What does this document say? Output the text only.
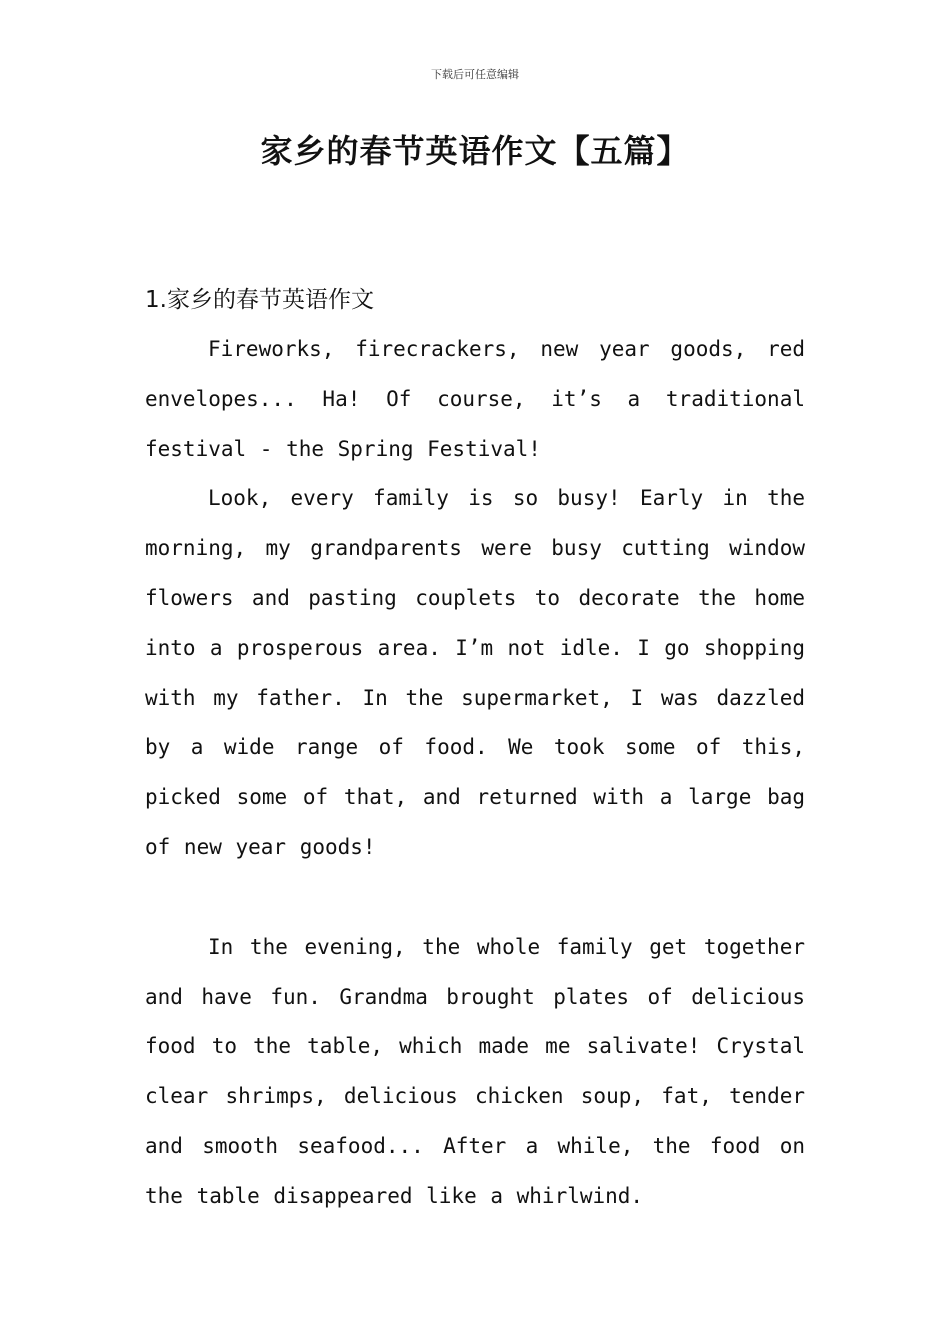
下载后可任意编辑
家乡的春节英语作文【五篇】
1.家乡的春节英语作文

Fireworks, firecrackers, new year goods, red envelopes... Ha! Of course, it’s a traditional festival - the Spring Festival!

Look, every family is so busy! Early in the morning, my grandparents were busy cutting window flowers and pasting couplets to decorate the home into a prosperous area. I’m not idle. I go shopping with my father. In the supermarket, I was dazzled by a wide range of food. We took some of this, picked some of that, and returned with a large bag of new year goods!

In the evening, the whole family get together and have fun. Grandma brought plates of delicious food to the table, which made me salivate! Crystal clear shrimps, delicious chicken soup, fat, tender and smooth seafood... After a while, the food on the table disappeared like a whirlwind.
